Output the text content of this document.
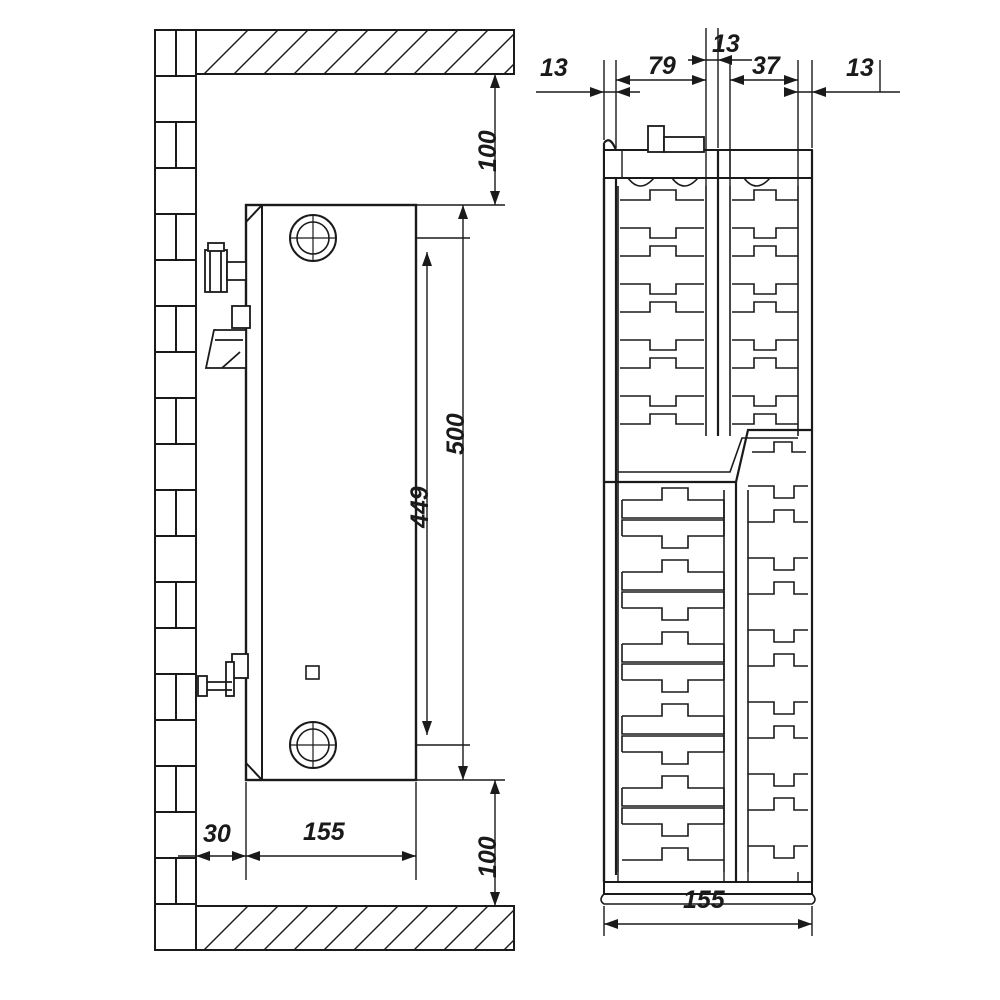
100
500
449
100
30	155
13	79
13
37	13
155
